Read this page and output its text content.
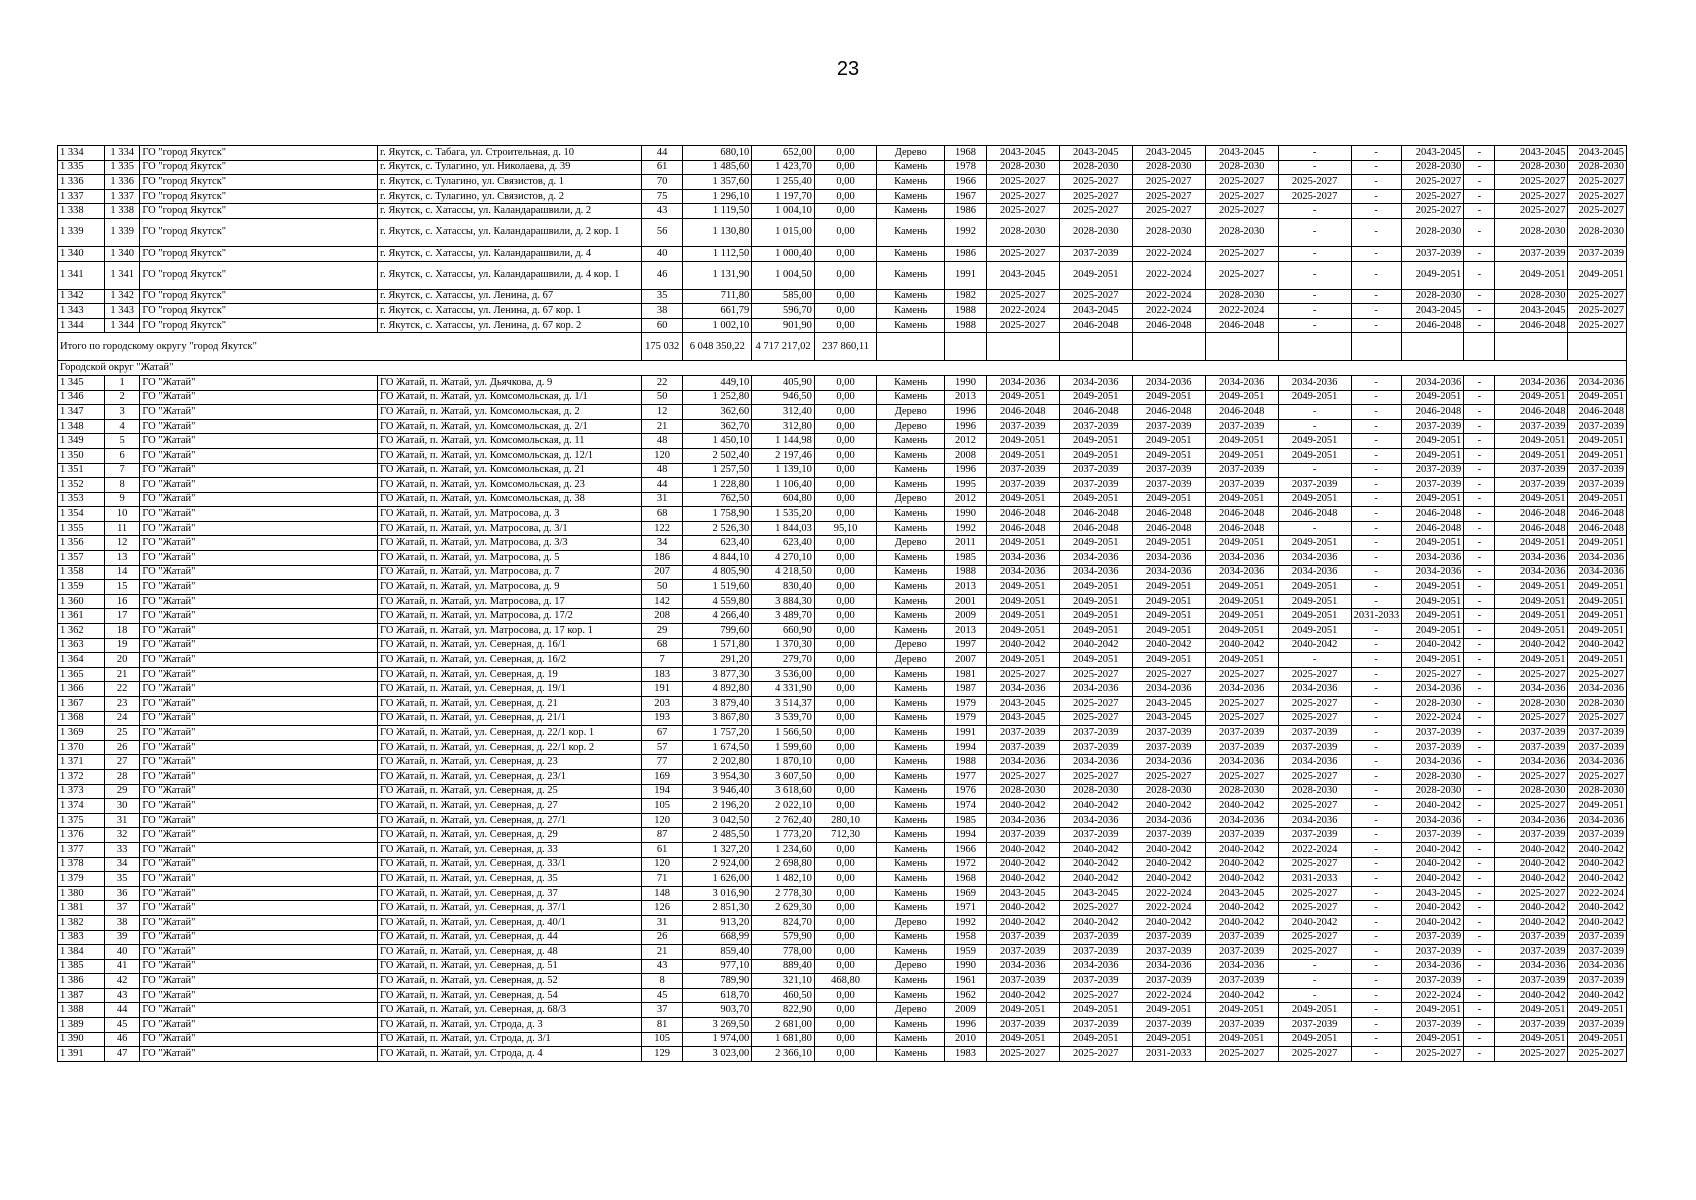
23
1 334	1 334	ГО "город Якутск"	г. Якутск, с. Табага, ул. Строительная, д. 10	44	680,10	652,00	0,00	Дерево	1968	2043-2045	2043-2045	2043-2045	2043-2045	-	-	2043-2045	-	2043-2045	2043-2045
1 335	1 335	ГО "город Якутск"	г. Якутск, с. Тулагино, ул. Николаева, д. 39	61	1 485,60	1 423,70	0,00	Камень	1978	2028-2030	2028-2030	2028-2030	2028-2030	-	-	2028-2030	-	2028-2030	2028-2030
1 336	1 336	ГО "город Якутск"	г. Якутск, с. Тулагино, ул. Связистов, д. 1	70	1 357,60	1 255,40	0,00	Камень	1966	2025-2027	2025-2027	2025-2027	2025-2027	2025-2027	-	2025-2027	-	2025-2027	2025-2027
1 337	1 337	ГО "город Якутск"	г. Якутск, с. Тулагино, ул. Связистов, д. 2	75	1 296,10	1 197,70	0,00	Камень	1967	2025-2027	2025-2027	2025-2027	2025-2027	2025-2027	-	2025-2027	-	2025-2027	2025-2027
1 338	1 338	ГО "город Якутск"	г. Якутск, с. Хатассы, ул. Каландарашвили, д. 2	43	1 119,50	1 004,10	0,00	Камень	1986	2025-2027	2025-2027	2025-2027	2025-2027	-	-	2025-2027	-	2025-2027	2025-2027
1 339	1 339	ГО "город Якутск"	г. Якутск, с. Хатассы, ул. Каландарашвили, д. 2 кор. 1	56	1 130,80	1 015,00	0,00	Камень	1992	2028-2030	2028-2030	2028-2030	2028-2030	-	-	2028-2030	-	2028-2030	2028-2030
1 340	1 340	ГО "город Якутск"	г. Якутск, с. Хатассы, ул. Каландарашвили, д. 4	40	1 112,50	1 000,40	0,00	Камень	1986	2025-2027	2037-2039	2022-2024	2025-2027	-	-	2037-2039	-	2037-2039	2037-2039
1 341	1 341	ГО "город Якутск"	г. Якутск, с. Хатассы, ул. Каландарашвили, д. 4 кор. 1	46	1 131,90	1 004,50	0,00	Камень	1991	2043-2045	2049-2051	2022-2024	2025-2027	-	-	2049-2051	-	2049-2051	2049-2051
1 342	1 342	ГО "город Якутск"	г. Якутск, с. Хатассы, ул. Ленина, д. 67	35	711,80	585,00	0,00	Камень	1982	2025-2027	2025-2027	2022-2024	2028-2030	-	-	2028-2030	-	2028-2030	2025-2027
1 343	1 343	ГО "город Якутск"	г. Якутск, с. Хатассы, ул. Ленина, д. 67 кор. 1	38	661,79	596,70	0,00	Камень	1988	2022-2024	2043-2045	2022-2024	2022-2024	-	-	2043-2045	-	2043-2045	2025-2027
1 344	1 344	ГО "город Якутск"	г. Якутск, с. Хатассы, ул. Ленина, д. 67 кор. 2	60	1 002,10	901,90	0,00	Камень	1988	2025-2027	2046-2048	2046-2048	2046-2048	-	-	2046-2048	-	2046-2048	2025-2027
Итого по городскому округу "город Якутск"				175 032	6 048 350,22	4 717 217,02	237 860,11												
Городской округ "Жатай"																			
1 345	1	ГО "Жатай"	ГО Жатай, п. Жатай, ул. Дьячкова, д. 9	22	449,10	405,90	0,00	Камень	1990	2034-2036	2034-2036	2034-2036	2034-2036	2034-2036	-	2034-2036	-	2034-2036	2034-2036
1 346	2	ГО "Жатай"	ГО Жатай, п. Жатай, ул. Комсомольская, д. 1/1	50	1 252,80	946,50	0,00	Камень	2013	2049-2051	2049-2051	2049-2051	2049-2051	2049-2051	-	2049-2051	-	2049-2051	2049-2051
1 347	3	ГО "Жатай"	ГО Жатай, п. Жатай, ул. Комсомольская, д. 2	12	362,60	312,40	0,00	Дерево	1996	2046-2048	2046-2048	2046-2048	2046-2048	-	-	2046-2048	-	2046-2048	2046-2048
1 348	4	ГО "Жатай"	ГО Жатай, п. Жатай, ул. Комсомольская, д. 2/1	21	362,70	312,80	0,00	Дерево	1996	2037-2039	2037-2039	2037-2039	2037-2039	-	-	2037-2039	-	2037-2039	2037-2039
1 349	5	ГО "Жатай"	ГО Жатай, п. Жатай, ул. Комсомольская, д. 11	48	1 450,10	1 144,98	0,00	Камень	2012	2049-2051	2049-2051	2049-2051	2049-2051	2049-2051	-	2049-2051	-	2049-2051	2049-2051
1 350	6	ГО "Жатай"	ГО Жатай, п. Жатай, ул. Комсомольская, д. 12/1	120	2 502,40	2 197,46	0,00	Камень	2008	2049-2051	2049-2051	2049-2051	2049-2051	2049-2051	-	2049-2051	-	2049-2051	2049-2051
1 351	7	ГО "Жатай"	ГО Жатай, п. Жатай, ул. Комсомольская, д. 21	48	1 257,50	1 139,10	0,00	Камень	1996	2037-2039	2037-2039	2037-2039	2037-2039	-	-	2037-2039	-	2037-2039	2037-2039
1 352	8	ГО "Жатай"	ГО Жатай, п. Жатай, ул. Комсомольская, д. 23	44	1 228,80	1 106,40	0,00	Камень	1995	2037-2039	2037-2039	2037-2039	2037-2039	2037-2039	-	2037-2039	-	2037-2039	2037-2039
1 353	9	ГО "Жатай"	ГО Жатай, п. Жатай, ул. Комсомольская, д. 38	31	762,50	604,80	0,00	Дерево	2012	2049-2051	2049-2051	2049-2051	2049-2051	2049-2051	-	2049-2051	-	2049-2051	2049-2051
1 354	10	ГО "Жатай"	ГО Жатай, п. Жатай, ул. Матросова, д. 3	68	1 758,90	1 535,20	0,00	Камень	1990	2046-2048	2046-2048	2046-2048	2046-2048	2046-2048	-	2046-2048	-	2046-2048	2046-2048
1 355	11	ГО "Жатай"	ГО Жатай, п. Жатай, ул. Матросова, д. 3/1	122	2 526,30	1 844,03	95,10	Камень	1992	2046-2048	2046-2048	2046-2048	2046-2048	-	-	2046-2048	-	2046-2048	2046-2048
1 356	12	ГО "Жатай"	ГО Жатай, п. Жатай, ул. Матросова, д. 3/3	34	623,40	623,40	0,00	Дерево	2011	2049-2051	2049-2051	2049-2051	2049-2051	2049-2051	-	2049-2051	-	2049-2051	2049-2051
1 357	13	ГО "Жатай"	ГО Жатай, п. Жатай, ул. Матросова, д. 5	186	4 844,10	4 270,10	0,00	Камень	1985	2034-2036	2034-2036	2034-2036	2034-2036	2034-2036	-	2034-2036	-	2034-2036	2034-2036
1 358	14	ГО "Жатай"	ГО Жатай, п. Жатай, ул. Матросова, д. 7	207	4 805,90	4 218,50	0,00	Камень	1988	2034-2036	2034-2036	2034-2036	2034-2036	2034-2036	-	2034-2036	-	2034-2036	2034-2036
1 359	15	ГО "Жатай"	ГО Жатай, п. Жатай, ул. Матросова, д. 9	50	1 519,60	830,40	0,00	Камень	2013	2049-2051	2049-2051	2049-2051	2049-2051	2049-2051	-	2049-2051	-	2049-2051	2049-2051
1 360	16	ГО "Жатай"	ГО Жатай, п. Жатай, ул. Матросова, д. 17	142	4 559,80	3 884,30	0,00	Камень	2001	2049-2051	2049-2051	2049-2051	2049-2051	2049-2051	-	2049-2051	-	2049-2051	2049-2051
1 361	17	ГО "Жатай"	ГО Жатай, п. Жатай, ул. Матросова, д. 17/2	208	4 266,40	3 489,70	0,00	Камень	2009	2049-2051	2049-2051	2049-2051	2049-2051	2049-2051	2031-2033	2049-2051	-	2049-2051	2049-2051
1 362	18	ГО "Жатай"	ГО Жатай, п. Жатай, ул. Матросова, д. 17 кор. 1	29	799,60	660,90	0,00	Камень	2013	2049-2051	2049-2051	2049-2051	2049-2051	2049-2051	-	2049-2051	-	2049-2051	2049-2051
1 363	19	ГО "Жатай"	ГО Жатай, п. Жатай, ул. Северная, д. 16/1	68	1 571,80	1 370,30	0,00	Дерево	1997	2040-2042	2040-2042	2040-2042	2040-2042	2040-2042	-	2040-2042	-	2040-2042	2040-2042
1 364	20	ГО "Жатай"	ГО Жатай, п. Жатай, ул. Северная, д. 16/2	7	291,20	279,70	0,00	Дерево	2007	2049-2051	2049-2051	2049-2051	2049-2051	-	-	2049-2051	-	2049-2051	2049-2051
1 365	21	ГО "Жатай"	ГО Жатай, п. Жатай, ул. Северная, д. 19	183	3 877,30	3 536,00	0,00	Камень	1981	2025-2027	2025-2027	2025-2027	2025-2027	2025-2027	-	2025-2027	-	2025-2027	2025-2027
1 366	22	ГО "Жатай"	ГО Жатай, п. Жатай, ул. Северная, д. 19/1	191	4 892,80	4 331,90	0,00	Камень	1987	2034-2036	2034-2036	2034-2036	2034-2036	2034-2036	-	2034-2036	-	2034-2036	2034-2036
1 367	23	ГО "Жатай"	ГО Жатай, п. Жатай, ул. Северная, д. 21	203	3 879,40	3 514,37	0,00	Камень	1979	2043-2045	2025-2027	2043-2045	2025-2027	2025-2027	-	2028-2030	-	2028-2030	2028-2030
1 368	24	ГО "Жатай"	ГО Жатай, п. Жатай, ул. Северная, д. 21/1	193	3 867,80	3 539,70	0,00	Камень	1979	2043-2045	2025-2027	2043-2045	2025-2027	2025-2027	-	2022-2024	-	2025-2027	2025-2027
1 369	25	ГО "Жатай"	ГО Жатай, п. Жатай, ул. Северная, д. 22/1 кор. 1	67	1 757,20	1 566,50	0,00	Камень	1991	2037-2039	2037-2039	2037-2039	2037-2039	2037-2039	-	2037-2039	-	2037-2039	2037-2039
1 370	26	ГО "Жатай"	ГО Жатай, п. Жатай, ул. Северная, д. 22/1 кор. 2	57	1 674,50	1 599,60	0,00	Камень	1994	2037-2039	2037-2039	2037-2039	2037-2039	2037-2039	-	2037-2039	-	2037-2039	2037-2039
1 371	27	ГО "Жатай"	ГО Жатай, п. Жатай, ул. Северная, д. 23	77	2 202,80	1 870,10	0,00	Камень	1988	2034-2036	2034-2036	2034-2036	2034-2036	2034-2036	-	2034-2036	-	2034-2036	2034-2036
1 372	28	ГО "Жатай"	ГО Жатай, п. Жатай, ул. Северная, д. 23/1	169	3 954,30	3 607,50	0,00	Камень	1977	2025-2027	2025-2027	2025-2027	2025-2027	2025-2027	-	2028-2030	-	2025-2027	2025-2027
1 373	29	ГО "Жатай"	ГО Жатай, п. Жатай, ул. Северная, д. 25	194	3 946,40	3 618,60	0,00	Камень	1976	2028-2030	2028-2030	2028-2030	2028-2030	2028-2030	-	2028-2030	-	2028-2030	2028-2030
1 374	30	ГО "Жатай"	ГО Жатай, п. Жатай, ул. Северная, д. 27	105	2 196,20	2 022,10	0,00	Камень	1974	2040-2042	2040-2042	2040-2042	2040-2042	2025-2027	-	2040-2042	-	2025-2027	2049-2051
1 375	31	ГО "Жатай"	ГО Жатай, п. Жатай, ул. Северная, д. 27/1	120	3 042,50	2 762,40	280,10	Камень	1985	2034-2036	2034-2036	2034-2036	2034-2036	2034-2036	-	2034-2036	-	2034-2036	2034-2036
1 376	32	ГО "Жатай"	ГО Жатай, п. Жатай, ул. Северная, д. 29	87	2 485,50	1 773,20	712,30	Камень	1994	2037-2039	2037-2039	2037-2039	2037-2039	2037-2039	-	2037-2039	-	2037-2039	2037-2039
1 377	33	ГО "Жатай"	ГО Жатай, п. Жатай, ул. Северная, д. 33	61	1 327,20	1 234,60	0,00	Камень	1966	2040-2042	2040-2042	2040-2042	2040-2042	2022-2024	-	2040-2042	-	2040-2042	2040-2042
1 378	34	ГО "Жатай"	ГО Жатай, п. Жатай, ул. Северная, д. 33/1	120	2 924,00	2 698,80	0,00	Камень	1972	2040-2042	2040-2042	2040-2042	2040-2042	2025-2027	-	2040-2042	-	2040-2042	2040-2042
1 379	35	ГО "Жатай"	ГО Жатай, п. Жатай, ул. Северная, д. 35	71	1 626,00	1 482,10	0,00	Камень	1968	2040-2042	2040-2042	2040-2042	2040-2042	2031-2033	-	2040-2042	-	2040-2042	2040-2042
1 380	36	ГО "Жатай"	ГО Жатай, п. Жатай, ул. Северная, д. 37	148	3 016,90	2 778,30	0,00	Камень	1969	2043-2045	2043-2045	2022-2024	2043-2045	2025-2027	-	2043-2045	-	2025-2027	2022-2024
1 381	37	ГО "Жатай"	ГО Жатай, п. Жатай, ул. Северная, д. 37/1	126	2 851,30	2 629,30	0,00	Камень	1971	2040-2042	2025-2027	2022-2024	2040-2042	2025-2027	-	2040-2042	-	2040-2042	2040-2042
1 382	38	ГО "Жатай"	ГО Жатай, п. Жатай, ул. Северная, д. 40/1	31	913,20	824,70	0,00	Дерево	1992	2040-2042	2040-2042	2040-2042	2040-2042	2040-2042	-	2040-2042	-	2040-2042	2040-2042
1 383	39	ГО "Жатай"	ГО Жатай, п. Жатай, ул. Северная, д. 44	26	668,99	579,90	0,00	Камень	1958	2037-2039	2037-2039	2037-2039	2037-2039	2025-2027	-	2037-2039	-	2037-2039	2037-2039
1 384	40	ГО "Жатай"	ГО Жатай, п. Жатай, ул. Северная, д. 48	21	859,40	778,00	0,00	Камень	1959	2037-2039	2037-2039	2037-2039	2037-2039	2025-2027	-	2037-2039	-	2037-2039	2037-2039
1 385	41	ГО "Жатай"	ГО Жатай, п. Жатай, ул. Северная, д. 51	43	977,10	889,40	0,00	Дерево	1990	2034-2036	2034-2036	2034-2036	2034-2036	-	-	2034-2036	-	2034-2036	2034-2036
1 386	42	ГО "Жатай"	ГО Жатай, п. Жатай, ул. Северная, д. 52	8	789,90	321,10	468,80	Камень	1961	2037-2039	2037-2039	2037-2039	2037-2039	-	-	2037-2039	-	2037-2039	2037-2039
1 387	43	ГО "Жатай"	ГО Жатай, п. Жатай, ул. Северная, д. 54	45	618,70	460,50	0,00	Камень	1962	2040-2042	2025-2027	2022-2024	2040-2042	-	-	2022-2024	-	2040-2042	2040-2042
1 388	44	ГО "Жатай"	ГО Жатай, п. Жатай, ул. Северная, д. 68/3	37	903,70	822,90	0,00	Дерево	2009	2049-2051	2049-2051	2049-2051	2049-2051	2049-2051	-	2049-2051	-	2049-2051	2049-2051
1 389	45	ГО "Жатай"	ГО Жатай, п. Жатай, ул. Строда, д. 3	81	3 269,50	2 681,00	0,00	Камень	1996	2037-2039	2037-2039	2037-2039	2037-2039	2037-2039	-	2037-2039	-	2037-2039	2037-2039
1 390	46	ГО "Жатай"	ГО Жатай, п. Жатай, ул. Строда, д. 3/1	105	1 974,00	1 681,80	0,00	Камень	2010	2049-2051	2049-2051	2049-2051	2049-2051	2049-2051	-	2049-2051	-	2049-2051	2049-2051
1 391	47	ГО "Жатай"	ГО Жатай, п. Жатай, ул. Строда, д. 4	129	3 023,00	2 366,10	0,00	Камень	1983	2025-2027	2025-2027	2031-2033	2025-2027	2025-2027	-	2025-2027	-	2025-2027	2025-2027
